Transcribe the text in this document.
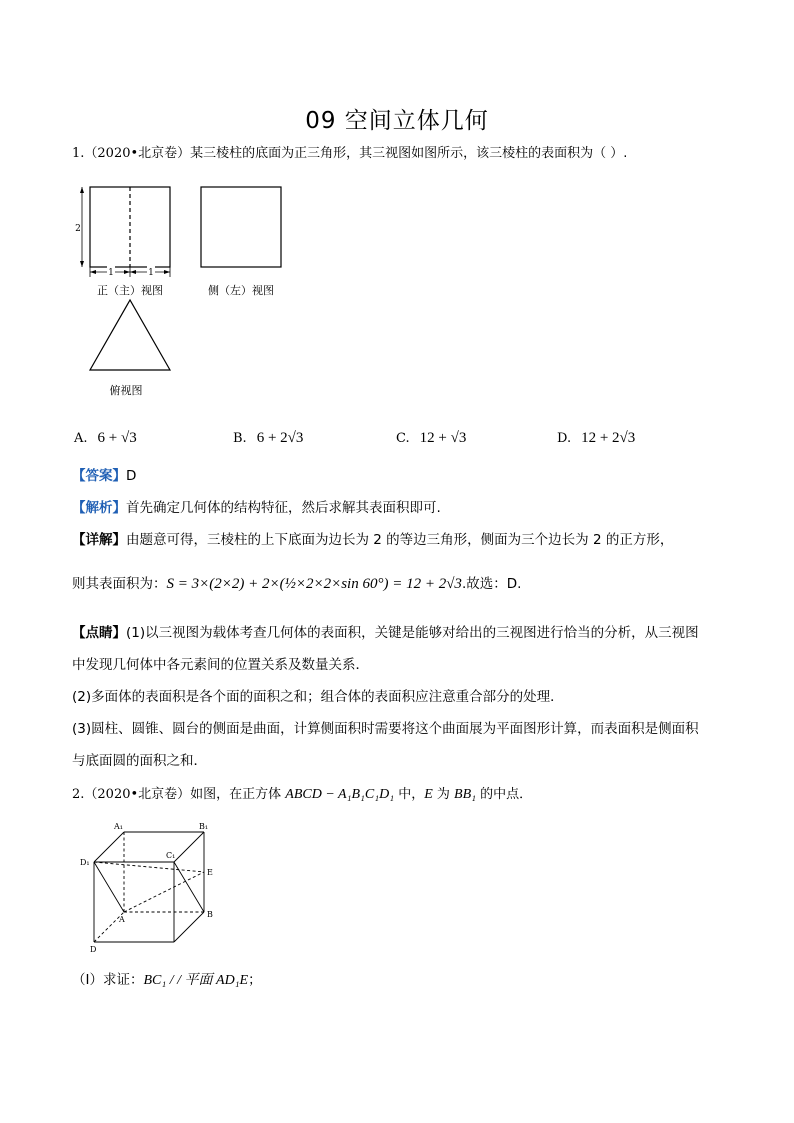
09 空间立体几何
1.（2020•北京卷）某三棱柱的底面为正三角形，其三视图如图所示，该三棱柱的表面积为（ ）.
2
1	1
正（主）视图	侧（左）视图
俯视图
A. 6 + √3	B. 6 + 2√3	C. 12 + √3	D. 12 + 2√3
【答案】D
【解析】首先确定几何体的结构特征，然后求解其表面积即可.
【详解】由题意可得，三棱柱的上下底面为边长为 2 的等边三角形，侧面为三个边长为 2 的正方形，
则其表面积为：S = 3×(2×2) + 2×(½×2×2×sin 60°) = 12 + 2√3.故选：D.
【点睛】(1)以三视图为载体考查几何体的表面积，关键是能够对给出的三视图进行恰当的分析，从三视图
中发现几何体中各元素间的位置关系及数量关系．
(2)多面体的表面积是各个面的面积之和；组合体的表面积应注意重合部分的处理．
(3)圆柱、圆锥、圆台的侧面是曲面，计算侧面积时需要将这个曲面展为平面图形计算，而表面积是侧面积
与底面圆的面积之和．
2.（2020•北京卷）如图，在正方体 ABCD − A₁B₁C₁D₁ 中，E 为 BB₁ 的中点．
A₁	B₁
C₁
D₁
E
B
A
D
（Ⅰ）求证：BC₁ / / 平面 AD₁E；
